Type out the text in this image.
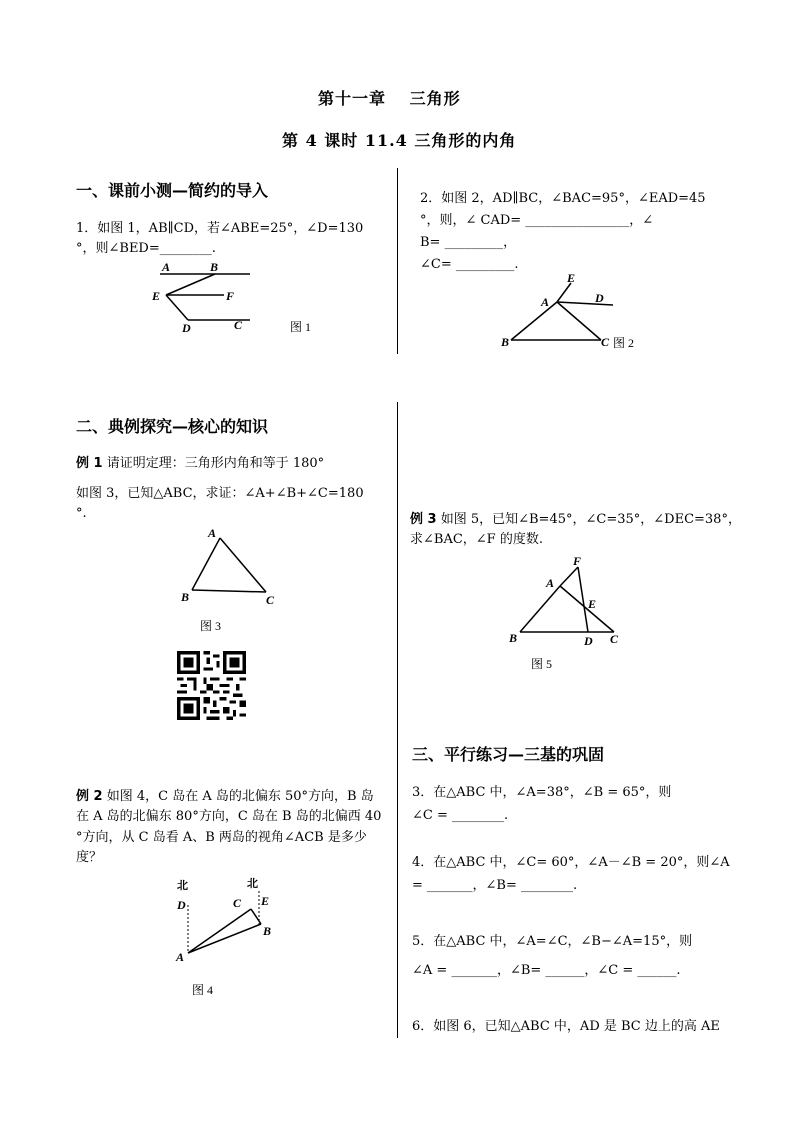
第十一章　 三角形
第 4 课时 11.4 三角形的内角
一、课前小测—简约的导入
1．如图 1，AB∥CD，若∠ABE=25°，∠D=130
°，则∠BED=________.
A	B
E	F
D	C	图 1
2．如图 2，AD∥BC，∠BAC=95°，∠EAD=45
°，则，∠ CAD= ________________，∠
B= _________，
∠C= _________.
E
A	D
B	C 图 2
二、典例探究—核心的知识
例 1 请证明定理：三角形内角和等于 180°
如图 3，已知△ABC，求证：∠A+∠B+∠C=180
°.
A
B	C
图 3
例 2 如图 4，C 岛在 A 岛的北偏东 50°方向，B 岛
在 A 岛的北偏东 80°方向，C 岛在 B 岛的北偏西 40
°方向，从 C 岛看 A、B 两岛的视角∠ACB 是多少
度？
北	北
D	C E
B
A
图 4
例 3 如图 5，已知∠B=45°，∠C=35°，∠DEC=38°，
求∠BAC，∠F 的度数.
F
A
E
B	D C
图 5
三、平行练习—三基的巩固
3．在△ABC 中，∠A=38°，∠B = 65°，则
∠C = ________.
4．在△ABC 中，∠C= 60°，∠A－∠B = 20°，则∠A
= _______，∠B= ________.
5．在△ABC 中，∠A=∠C，∠B−∠A=15°，则
∠A = _______，∠B= ______，∠C = ______.
6．如图 6，已知△ABC 中，AD 是 BC 边上的高 AE
